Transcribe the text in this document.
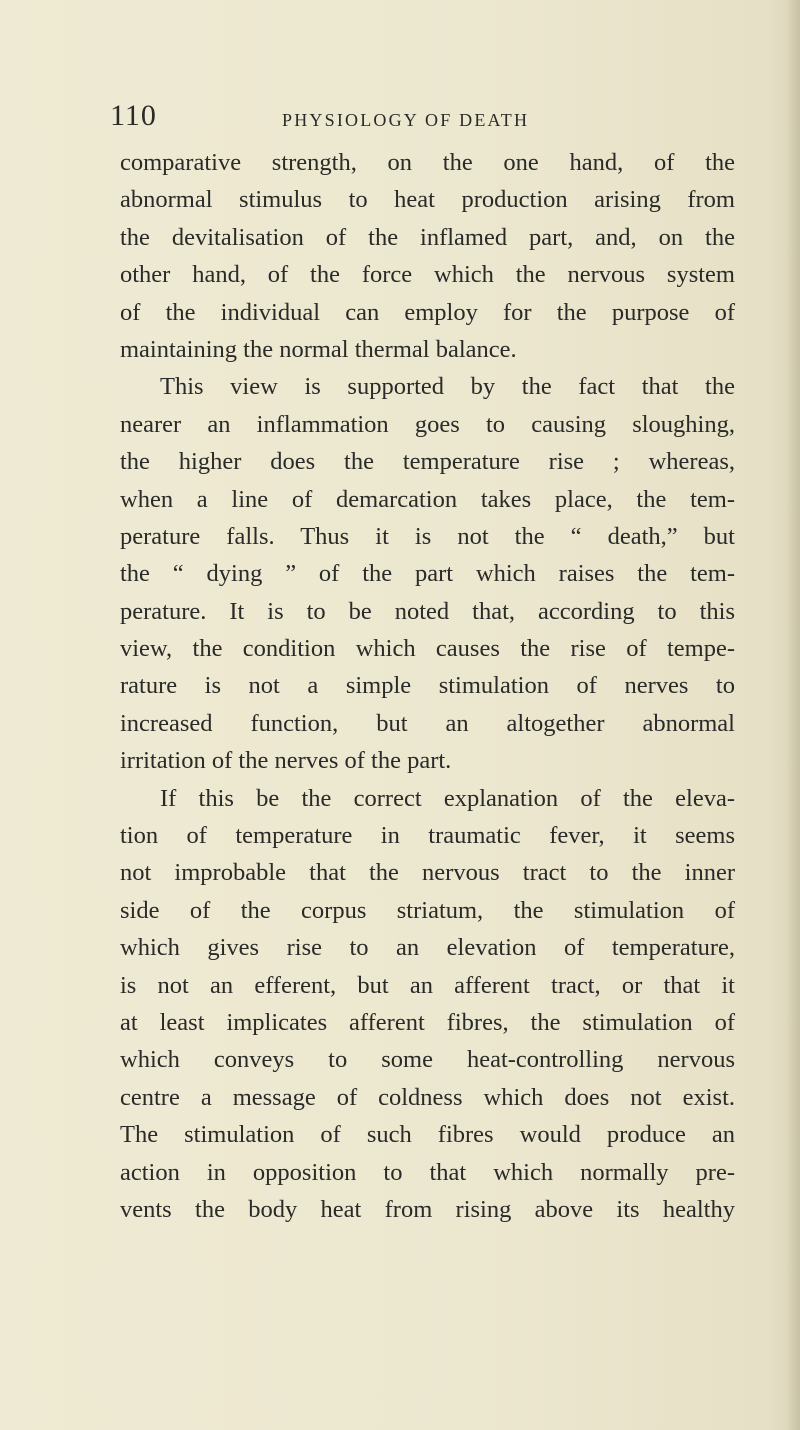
110	PHYSIOLOGY OF DEATH
comparative strength, on the one hand, of the
abnormal stimulus to heat production arising from
the devitalisation of the inflamed part, and, on the
other hand, of the force which the nervous system
of the individual can employ for the purpose of
maintaining the normal thermal balance.
This view is supported by the fact that the
nearer an inflammation goes to causing sloughing,
the higher does the temperature rise ; whereas,
when a line of demarcation takes place, the tem-
perature falls. Thus it is not the “ death,” but
the “ dying ” of the part which raises the tem-
perature. It is to be noted that, according to this
view, the condition which causes the rise of tempe-
rature is not a simple stimulation of nerves to
increased function, but an altogether abnormal
irritation of the nerves of the part.
If this be the correct explanation of the eleva-
tion of temperature in traumatic fever, it seems
not improbable that the nervous tract to the inner
side of the corpus striatum, the stimulation of
which gives rise to an elevation of temperature,
is not an efferent, but an afferent tract, or that it
at least implicates afferent fibres, the stimulation of
which conveys to some heat-controlling nervous
centre a message of coldness which does not exist.
The stimulation of such fibres would produce an
action in opposition to that which normally pre-
vents the body heat from rising above its healthy
